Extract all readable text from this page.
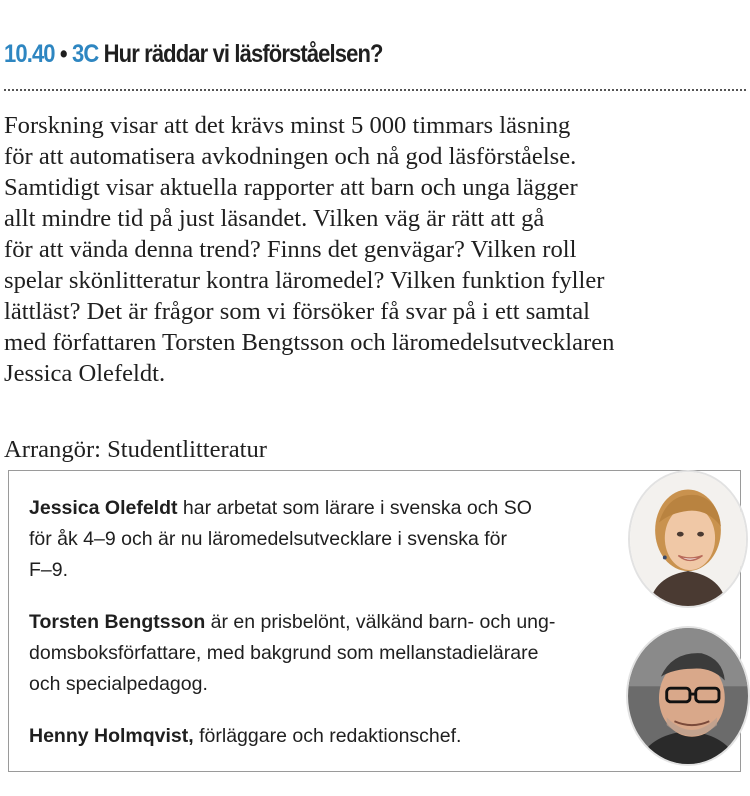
10.40 • 3C Hur räddar vi läsförståelsen?

Forskning visar att det krävs minst 5 000 timmars läsning
för att automatisera avkodningen och nå god läsförståelse.
Samtidigt visar aktuella rapporter att barn och unga lägger
allt mindre tid på just läsandet. Vilken väg är rätt att gå
för att vända denna trend? Finns det genvägar? Vilken roll
spelar skönlitteratur kontra läromedel? Vilken funktion fyller
lättläst? Det är frågor som vi försöker få svar på i ett samtal
med författaren Torsten Bengtsson och läromedelsutvecklaren
Jessica Olefeldt.

Arrangör: Studentlitteratur

Jessica Olefeldt har arbetat som lärare i svenska och SO
för åk 4–9 och är nu läromedelsutvecklare i svenska för
F–9.

Torsten Bengtsson är en prisbelönt, välkänd barn- och ung-
domsboksförfattare, med bakgrund som mellanstadielärare
och specialpedagog.

Henny Holmqvist, förläggare och redaktionschef.
